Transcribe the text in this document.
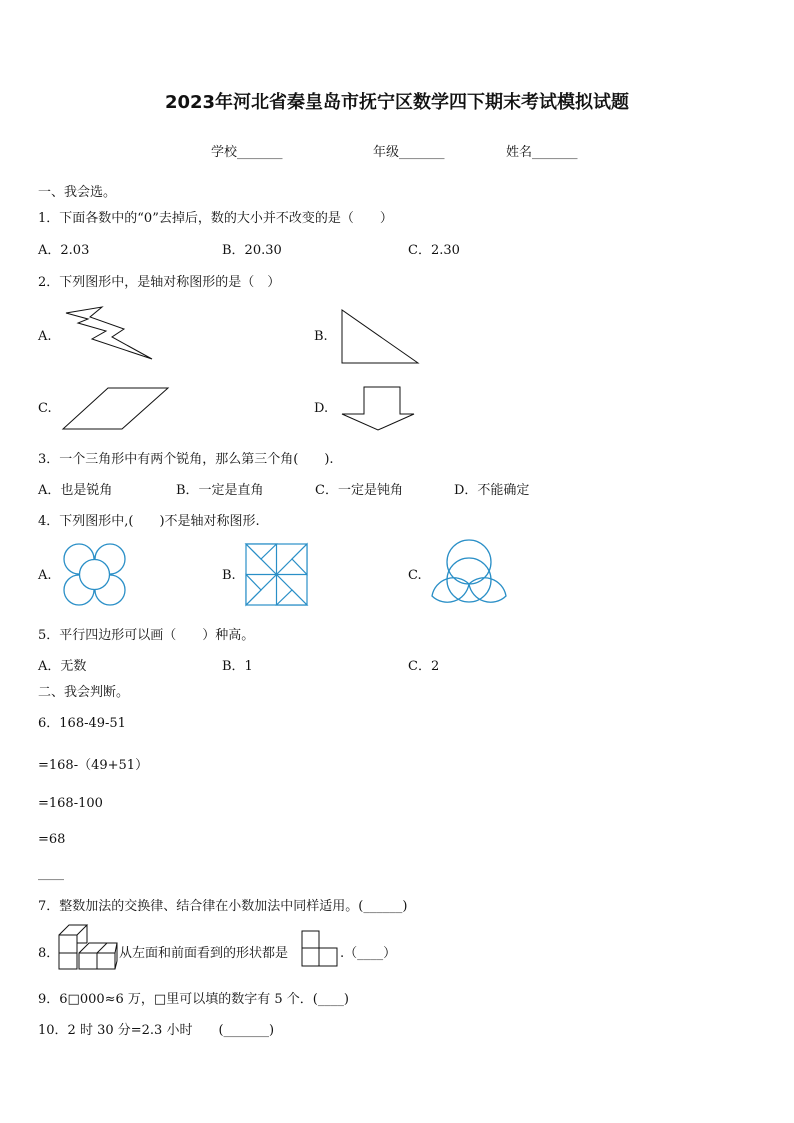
2023年河北省秦皇岛市抚宁区数学四下期末考试模拟试题
学校_______	年级_______	姓名_______
一、我会选。
1．下面各数中的“0”去掉后，数的大小并不改变的是（　　）
A．2.03	B．20.30	C．2.30
2．下列图形中，是轴对称图形的是（　）
A.	B.
C.	D.
3．一个三角形中有两个锐角，那么第三个角(　　).
A．也是锐角	B．一定是直角	C．一定是钝角	D．不能确定
4．下列图形中,(　　)不是轴对称图形.
A.	B.	C.
5．平行四边形可以画（　　）种高。
A．无数	B．1	C．2
二、我会判断。
6．168-49-51
=168-（49+51）
=168-100
=68
____
7．整数加法的交换律、结合律在小数加法中同样适用。(______)
8．	从左面和前面看到的形状都是	.（____）
9．6□000≈6 万，□里可以填的数字有 5 个．(____)
10．2 时 30 分=2.3 小时　　(_______)
